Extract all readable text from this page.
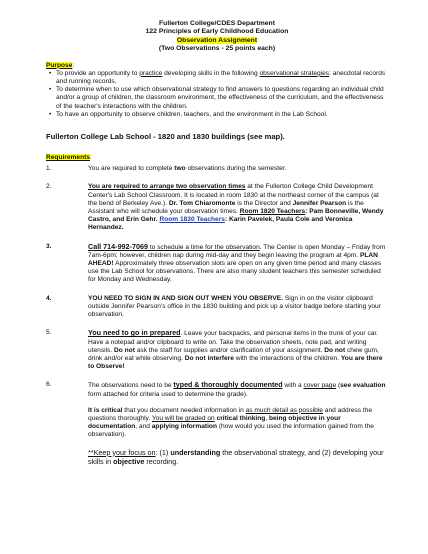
Fullerton College/CDES Department
122 Principles of Early Childhood Education
Observation Assignment
(Two Observations - 25 points each)
Purpose:
• To provide an opportunity to practice developing skills in the following observational strategies: anecdotal records and running records.
• To determine when to use which observational strategy to find answers to questions regarding an individual child and/or a group of children, the classroom environment, the effectiveness of the curriculum, and the effectiveness of the teacher's interactions with the children.
• To have an opportunity to observe children, teachers, and the environment in the Lab School.
Fullerton College Lab School - 1820 and 1830 buildings (see map).
Requirements:
1.	You are required to complete two observations during the semester.
2.	You are required to arrange two observation times at the Fullerton College Child Development Center's Lab School Classroom. It is located in room 1830 at the northeast corner of the campus (at the bend of Berkeley Ave.). Dr. Tom Chiaromonte is the Director and Jennifer Pearson is the Assistant who will schedule your observation times. Room 1820 Teachers: Pam Bonneville, Wendy Castro, and Erin Gehr. Room 1830 Teachers: Karin Pavelek, Paula Cole and Veronica Hernandez.
3.	Call 714-992-7069 to schedule a time for the observation. The Center is open Monday – Friday from 7am-6pm; however, children nap during mid-day and they begin leaving the program at 4pm. PLAN AHEAD! Approximately three observation slots are open on any given time period and many classes use the Lab School for observations. There are also many student teachers this semester scheduled for Monday and Wednesday.
4.	YOU NEED TO SIGN IN AND SIGN OUT WHEN YOU OBSERVE. Sign in on the visitor clipboard outside Jennifer Pearson's office in the 1830 building and pick up a visitor badge before starting your observation.
5.	You need to go in prepared. Leave your backpacks, and personal items in the trunk of your car. Have a notepad and/or clipboard to write on. Take the observation sheets, note pad, and writing utensils. Do not ask the staff for supplies and/or clarification of your assignment. Do not chew gum, drink and/or eat while observing. Do not interfere with the interactions of the children. You are there to Observe!
6.	The observations need to be typed & thoroughly documented with a cover page (see evaluation form attached for criteria used to determine the grade).

It is critical that you document needed information in as much detail as possible and address the questions thoroughly. You will be graded on critical thinking, being objective in your documentation, and applying information (how would you used the information gained from the observation).

**Keep your focus on: (1) understanding the observational strategy, and (2) developing your skills in objective recording.
